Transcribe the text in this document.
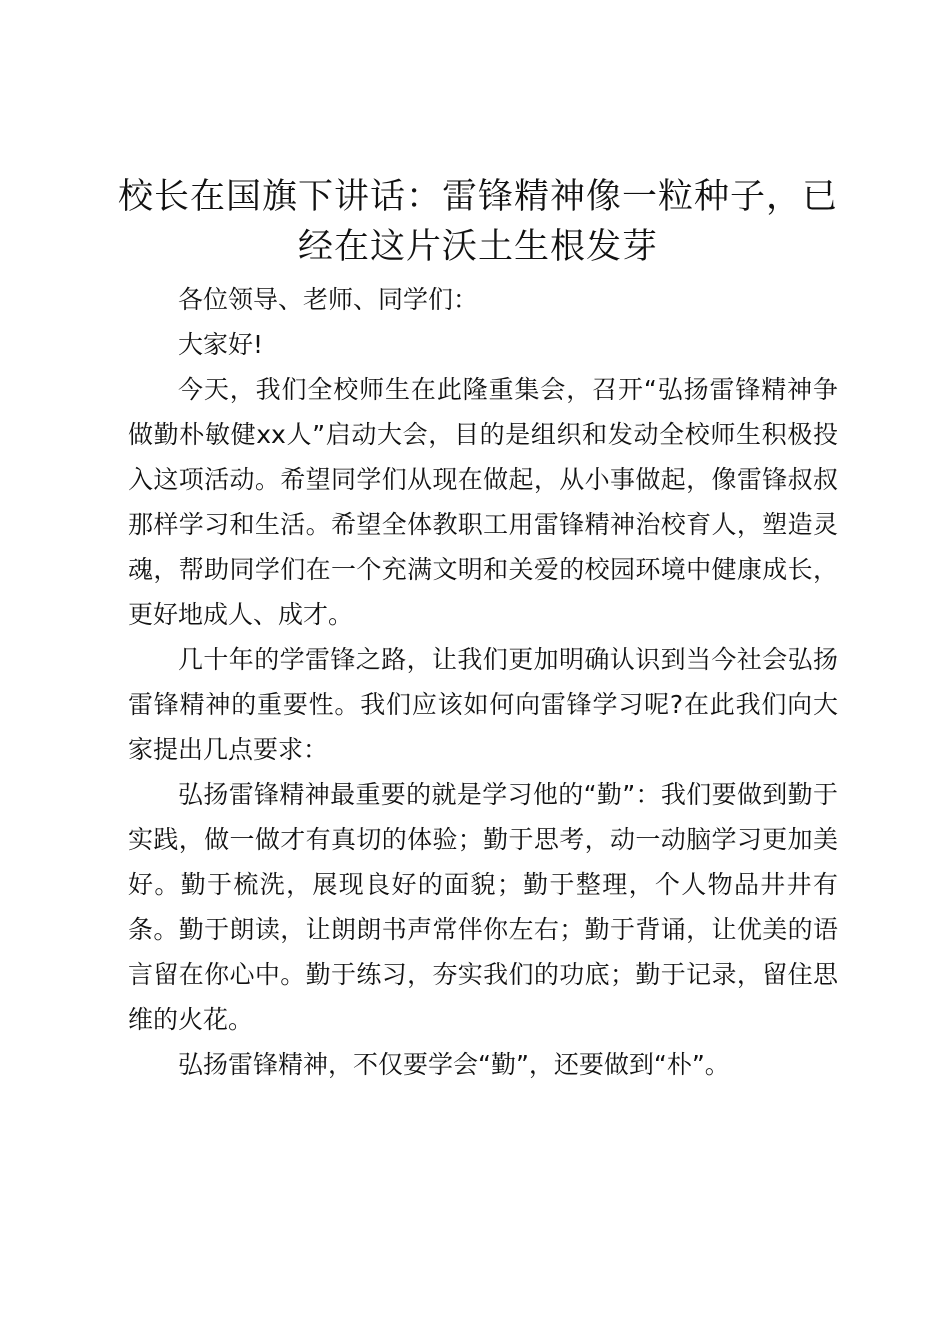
校长在国旗下讲话：雷锋精神像一粒种子，已
经在这片沃土生根发芽

各位领导、老师、同学们：

大家好!

今天，我们全校师生在此隆重集会，召开“弘扬雷锋精神争做勤朴敏健xx人”启动大会，目的是组织和发动全校师生积极投入这项活动。希望同学们从现在做起，从小事做起，像雷锋叔叔那样学习和生活。希望全体教职工用雷锋精神治校育人，塑造灵魂，帮助同学们在一个充满文明和关爱的校园环境中健康成长，更好地成人、成才。

几十年的学雷锋之路，让我们更加明确认识到当今社会弘扬雷锋精神的重要性。我们应该如何向雷锋学习呢?在此我们向大家提出几点要求：

弘扬雷锋精神最重要的就是学习他的“勤”：我们要做到勤于实践，做一做才有真切的体验；勤于思考，动一动脑学习更加美好。勤于梳洗，展现良好的面貌；勤于整理，个人物品井井有条。勤于朗读，让朗朗书声常伴你左右；勤于背诵，让优美的语言留在你心中。勤于练习，夯实我们的功底；勤于记录，留住思维的火花。

弘扬雷锋精神，不仅要学会“勤”，还要做到“朴”。
